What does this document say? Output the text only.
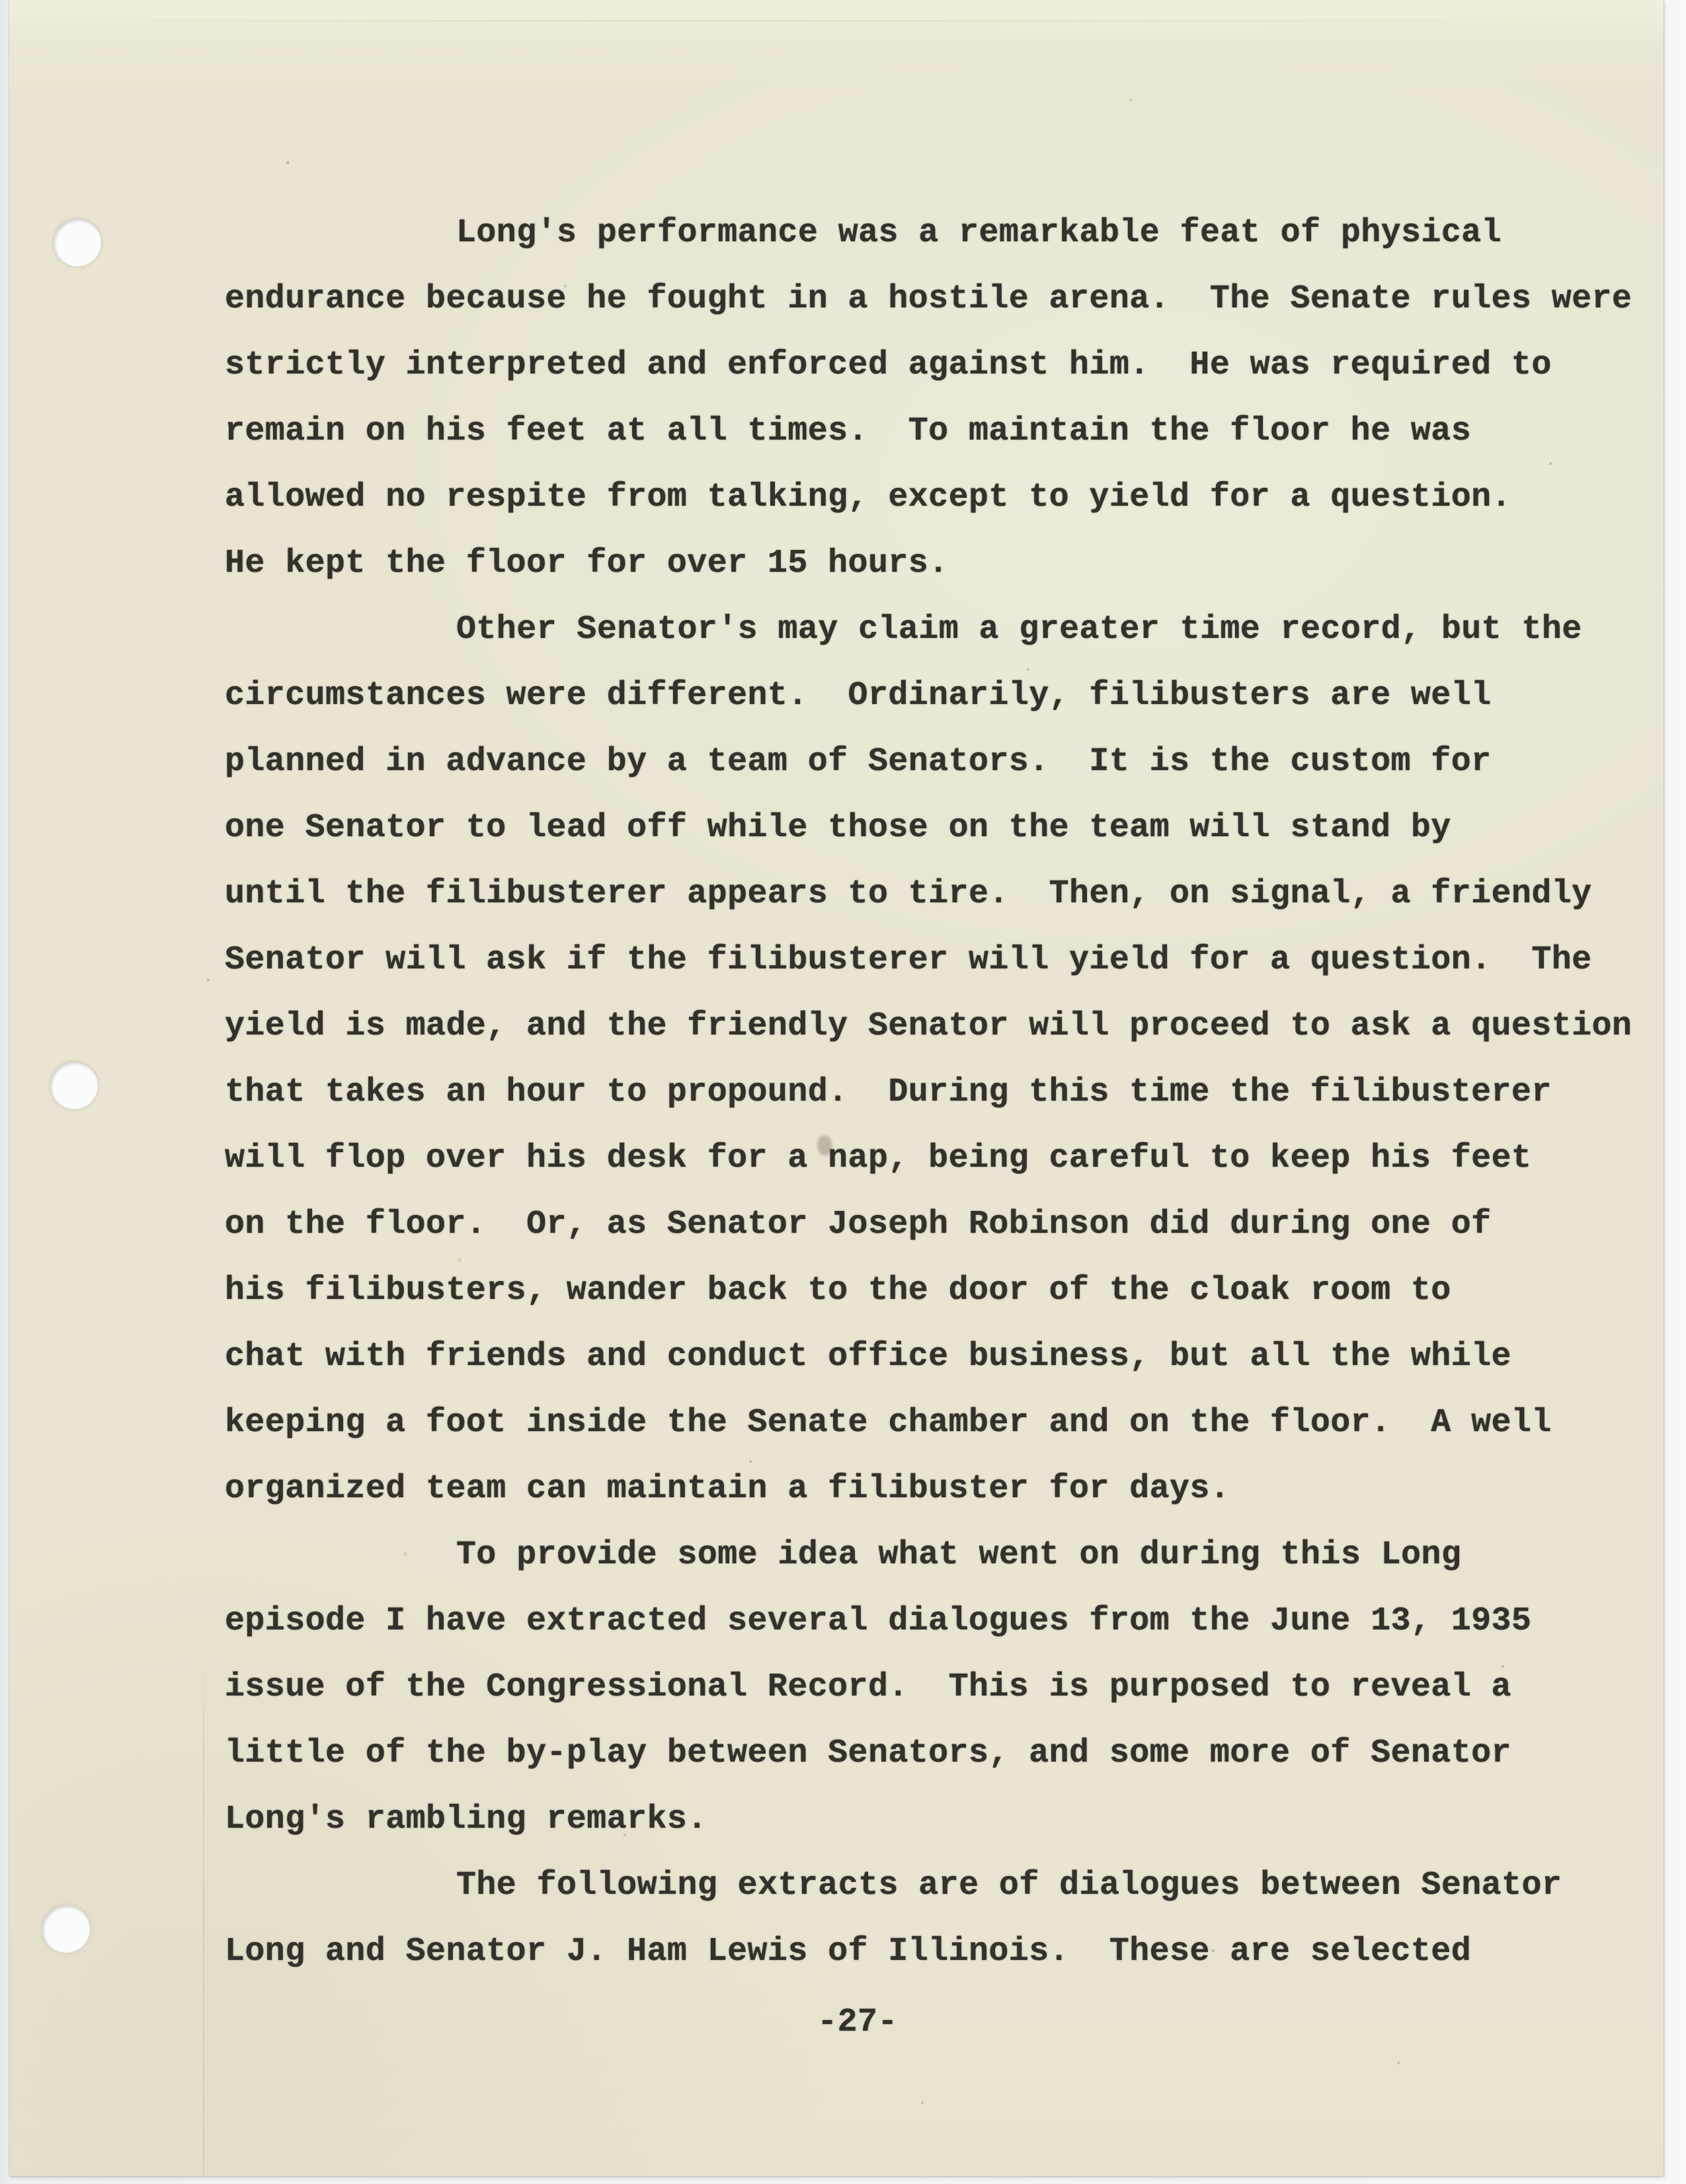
Long's performance was a remarkable feat of physical
endurance because he fought in a hostile arena.  The Senate rules were
strictly interpreted and enforced against him.  He was required to
remain on his feet at all times.  To maintain the floor he was
allowed no respite from talking, except to yield for a question.
He kept the floor for over 15 hours.
Other Senator's may claim a greater time record, but the
circumstances were different.  Ordinarily, filibusters are well
planned in advance by a team of Senators.  It is the custom for
one Senator to lead off while those on the team will stand by
until the filibusterer appears to tire.  Then, on signal, a friendly
Senator will ask if the filibusterer will yield for a question.  The
yield is made, and the friendly Senator will proceed to ask a question
that takes an hour to propound.  During this time the filibusterer
will flop over his desk for a nap, being careful to keep his feet
on the floor.  Or, as Senator Joseph Robinson did during one of
his filibusters, wander back to the door of the cloak room to
chat with friends and conduct office business, but all the while
keeping a foot inside the Senate chamber and on the floor.  A well
organized team can maintain a filibuster for days.
To provide some idea what went on during this Long
episode I have extracted several dialogues from the June 13, 1935
issue of the Congressional Record.  This is purposed to reveal a
little of the by-play between Senators, and some more of Senator
Long's rambling remarks.
The following extracts are of dialogues between Senator
Long and Senator J. Ham Lewis of Illinois.  These are selected
-27-
